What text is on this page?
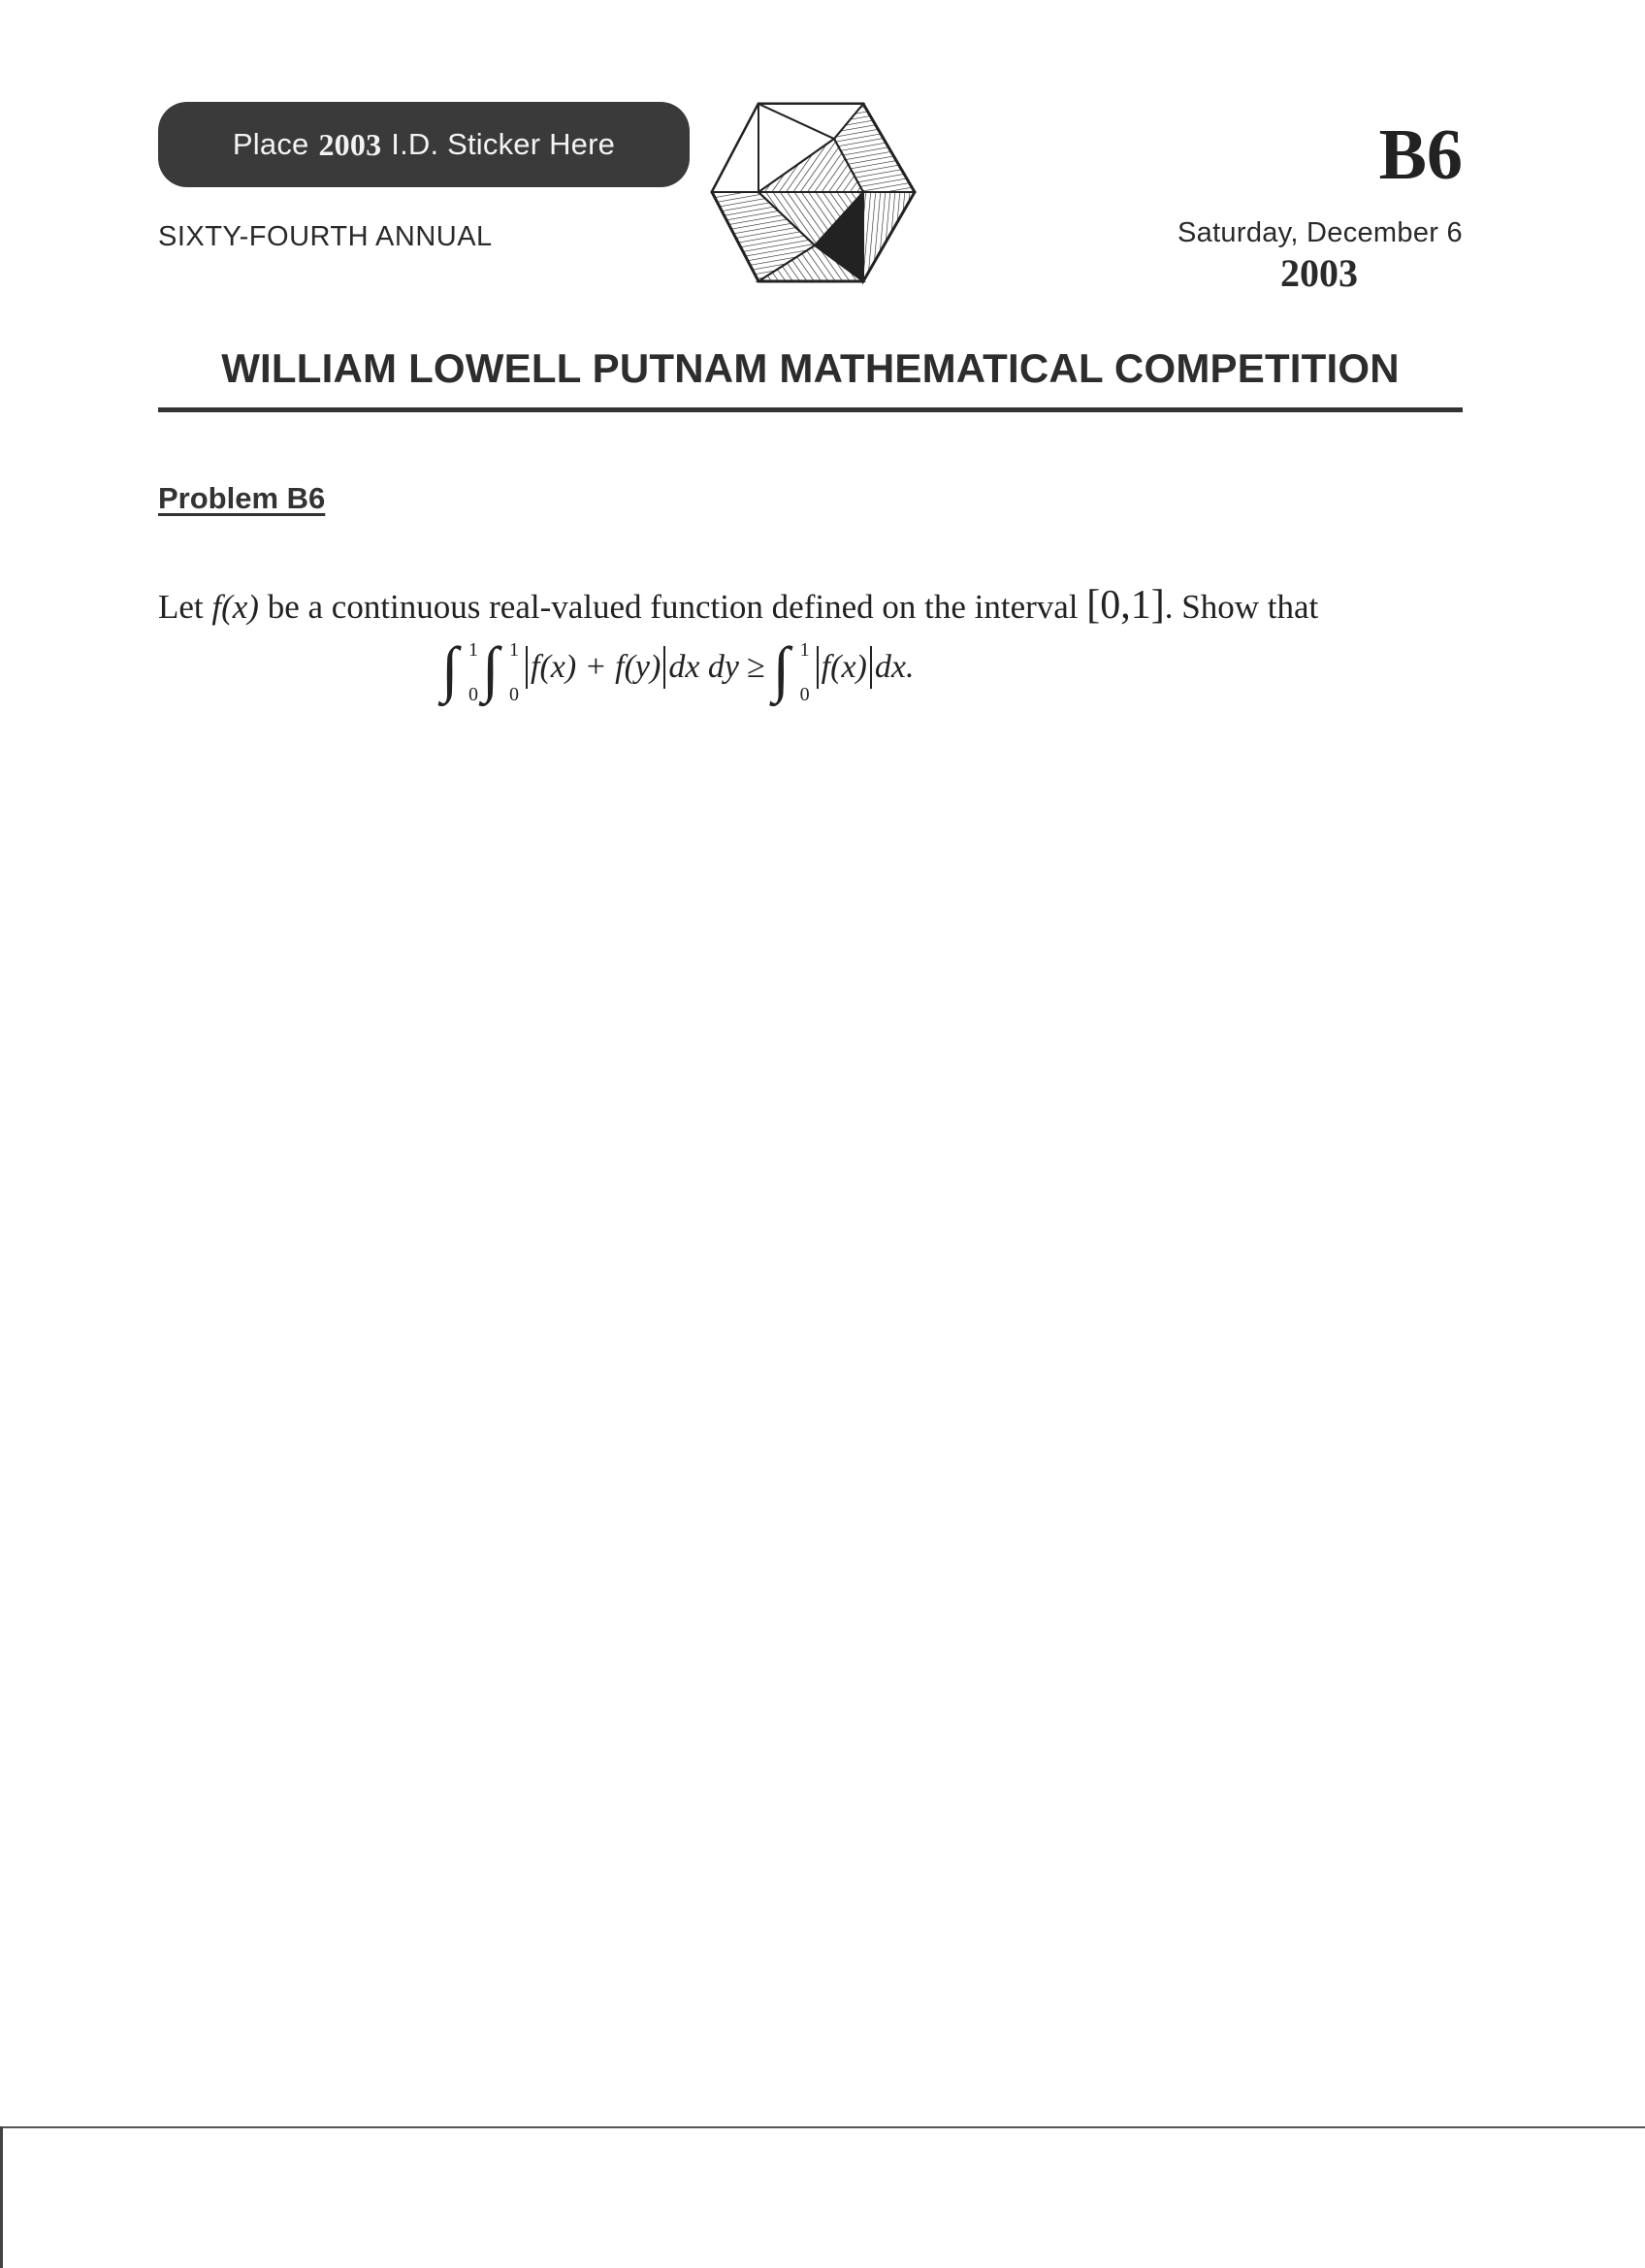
Place 2003 I.D. Sticker Here
SIXTY-FOURTH ANNUAL
B6
Saturday, December 6
2003
WILLIAM LOWELL PUTNAM MATHEMATICAL COMPETITION
Problem B6
Let f(x) be a continuous real-valued function defined on the interval [0,1]. Show that
∫ 1
0 ∫ 1
0
f(x) + f(y) dx dy ≥ ∫ 1
0
f(x) dx.
